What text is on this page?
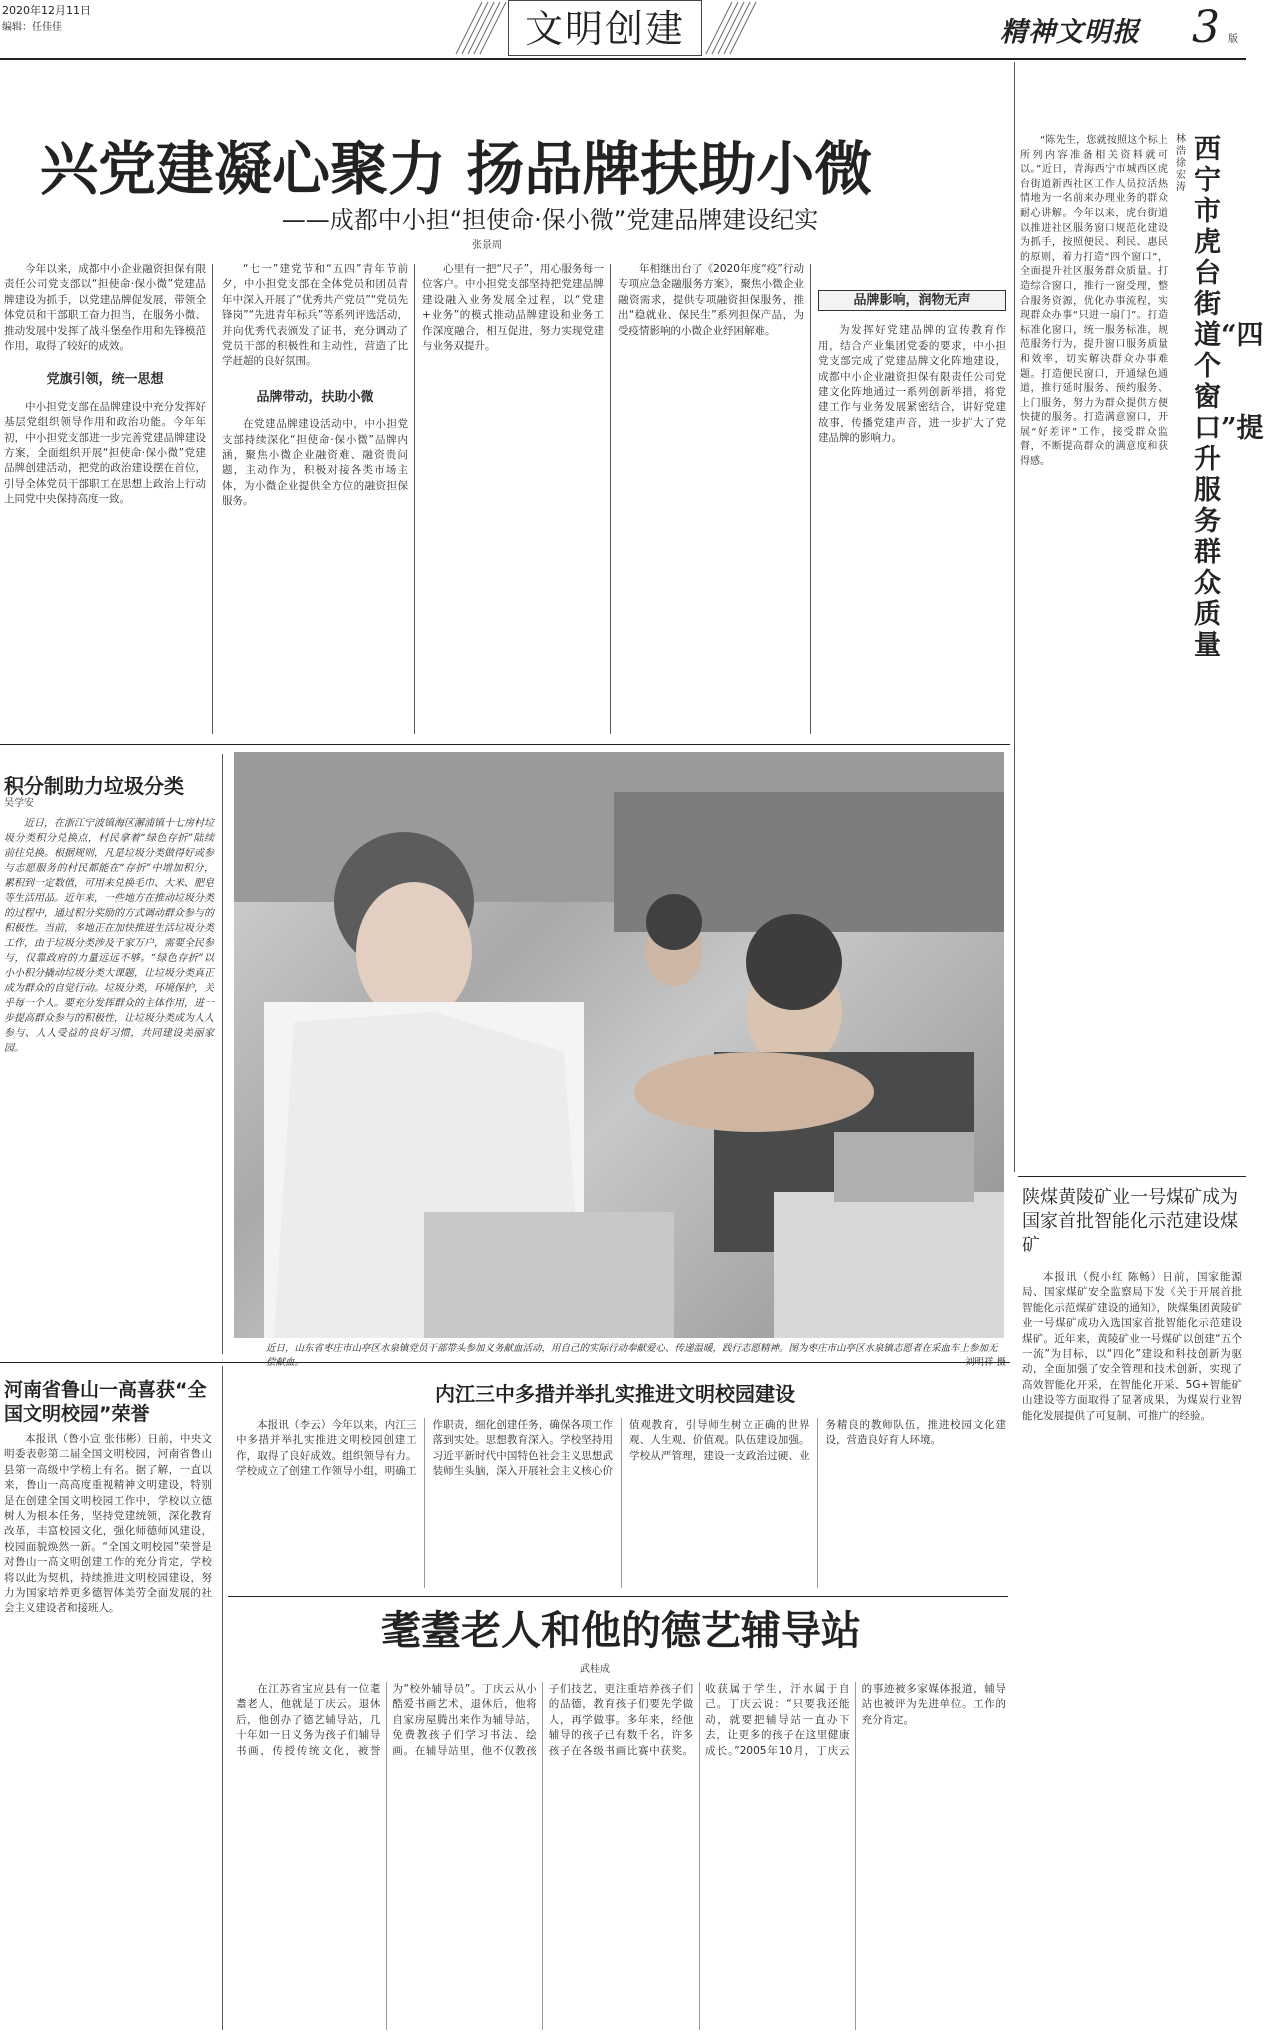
2020年12月11日
编辑：任佳佳	文明创建	精神文明报 3 版
兴党建凝心聚力 扬品牌扶助小微
——成都中小担“担使命·保小微”党建品牌建设纪实
张景周

今年以来，成都中小企业融资担保有限责任公司党支部以“担使命·保小微”党建品牌建设为抓手，以党建品牌促发展，带领全体党员和干部职工奋力担当，在服务小微、推动发展中发挥了战斗堡垒作用和先锋模范作用，取得了较好的成效。

党旗引领，统一思想

中小担党支部在品牌建设中充分发挥好基层党组织领导作用和政治功能。今年年初，中小担党支部进一步完善党建品牌建设方案，全面组织开展“担使命·保小微”党建品牌创建活动，把党的政治建设摆在首位，引导全体党员干部职工在思想上政治上行动上同党中央保持高度一致。

“七一”建党节和“五四”青年节前夕，中小担党支部在全体党员和团员青年中深入开展了“优秀共产党员”“党员先锋岗”“先进青年标兵”等系列评选活动，并向优秀代表颁发了证书，充分调动了党员干部的积极性和主动性，营造了比学赶超的良好氛围。

品牌带动，扶助小微

在党建品牌建设活动中，中小担党支部持续深化“担使命·保小微”品牌内涵，聚焦小微企业融资难、融资贵问题，主动作为，积极对接各类市场主体，为小微企业提供全方位的融资担保服务。

心里有一把“尺子”，用心服务每一位客户。中小担党支部坚持把党建品牌建设融入业务发展全过程，以“党建+业务”的模式推动品牌建设和业务工作深度融合，相互促进，努力实现党建与业务双提升。

年相继出台了《2020年度“疫”行动专项应急金融服务方案》，聚焦小微企业融资需求，提供专项融资担保服务，推出“稳就业、保民生”系列担保产品，为受疫情影响的小微企业纾困解难。

品牌影响，润物无声

为发挥好党建品牌的宣传教育作用，结合产业集团党委的要求，中小担党支部完成了党建品牌文化阵地建设，成都中小企业融资担保有限责任公司党建文化阵地通过一系列创新举措，将党建工作与业务发展紧密结合，讲好党建故事，传播党建声音，进一步扩大了党建品牌的影响力。

“陈先生，您就按照这个标上所列内容准备相关资料就可以。”近日，青海西宁市城西区虎台街道新西社区工作人员拉活热情地为一名前来办理业务的群众耐心讲解。今年以来，虎台街道以推进社区服务窗口规范化建设为抓手，按照便民、利民、惠民的原则，着力打造“四个窗口”，全面提升社区服务群众质量。打造综合窗口，推行一窗受理，整合服务资源，优化办事流程，实现群众办事“只进一扇门”。打造标准化窗口，统一服务标准，规范服务行为，提升窗口服务质量和效率，切实解决群众办事难题。打造便民窗口，开通绿色通道，推行延时服务、预约服务、上门服务，努力为群众提供方便快捷的服务。打造满意窗口，开展“好差评”工作，接受群众监督，不断提高群众的满意度和获得感。

林浩 徐宏涛
西宁市虎台街道“四个窗口”提升服务群众质量
积分制助力垃圾分类
吴学安

近日，在浙江宁波镇海区澥浦镇十七房村垃圾分类积分兑换点，村民拿着“绿色存折”陆续前往兑换。根据规则，凡是垃圾分类做得好或参与志愿服务的村民都能在“存折”中增加积分，累积到一定数值，可用来兑换毛巾、大米、肥皂等生活用品。近年来，一些地方在推动垃圾分类的过程中，通过积分奖励的方式调动群众参与的积极性。当前，多地正在加快推进生活垃圾分类工作，由于垃圾分类涉及千家万户，需要全民参与，仅靠政府的力量远远不够。“绿色存折”以小小积分撬动垃圾分类大课题，让垃圾分类真正成为群众的自觉行动。垃圾分类，环境保护，关乎每一个人。要充分发挥群众的主体作用，进一步提高群众参与的积极性，让垃圾分类成为人人参与、人人受益的良好习惯，共同建设美丽家园。

近日，山东省枣庄市山亭区水泉镇党员干部带头参加义务献血活动，用自己的实际行动奉献爱心、传递温暖，践行志愿精神。图为枣庄市山亭区水泉镇志愿者在采血车上参加无
河南省鲁山一高喜获“全国文明校园”荣誉

本报讯（鲁小宣 张伟彬）日前，中央文明委表彰第二届全国文明校园，河南省鲁山县第一高级中学榜上有名。据了解，一直以来，鲁山一高高度重视精神文明建设，特别是在创建全国文明校园工作中，学校以立德树人为根本任务，坚持党建统领，深化教育改革，丰富校园文化，强化师德师风建设，校园面貌焕然一新。“全国文明校园”荣誉是对鲁山一高文明创建工作的充分肯定，学校将以此为契机，持续推进文明校园建设，努力为国家培养更多德智体美劳全面发展的社会主义建设者和接班人。

内江三中多措并举扎实推进文明校园建设

本报讯（李云）今年以来，内江三中多措并举扎实推进文明校园创建工作，取得了良好成效。组织领导有力。学校成立了创建工作领导小组，明确工作职责，细化创建任务，确保各项工作落到实处。思想教育深入。学校坚持用习近平新时代中国特色社会主义思想武装师生头脑，深入开展社会主义核心价值观教育，引导师生树立正确的世界观、人生观、价值观。队伍建设加强。学校从严管理，建设一支政治过硬、业务精良的教师队伍，推进校园文化建设，营造良好育人环境。

耄耋老人和他的德艺辅导站
武桂成

在江苏省宝应县有一位耄耋老人，他就是丁庆云。退休后，他创办了德艺辅导站，几十年如一日义务为孩子们辅导书画，传授传统文化，被誉为“校外辅导员”。丁庆云从小酷爱书画艺术，退休后，他将自家房屋腾出来作为辅导站，免费教孩子们学习书法、绘画。在辅导站里，他不仅教孩子们技艺，更注重培养孩子们的品德，教育孩子们要先学做人，再学做事。多年来，经他辅导的孩子已有数千名，许多孩子在各级书画比赛中获奖。收获属于学生，汗水属于自己。丁庆云说：“只要我还能动，就要把辅导站一直办下去，让更多的孩子在这里健康成长。”2005年10月，丁庆云的事迹被多家媒体报道，辅导站也被评为先进单位。工作的充分肯定。

陕煤黄陵矿业一号煤矿成为国家首批智能化示范建设煤矿

本报讯（倪小红 陈畅）日前，国家能源局、国家煤矿安全监察局下发《关于开展首批智能化示范煤矿建设的通知》，陕煤集团黄陵矿业一号煤矿成功入选国家首批智能化示范建设煤矿。近年来，黄陵矿业一号煤矿以创建“五个一流”为目标，以“四化”建设和科技创新为驱动，全面加强了安全管理和技术创新，实现了高效智能化开采，在智能化开采、5G+智能矿山建设等方面取得了显著成果，为煤炭行业智能化发展提供了可复制、可推广的经验。
